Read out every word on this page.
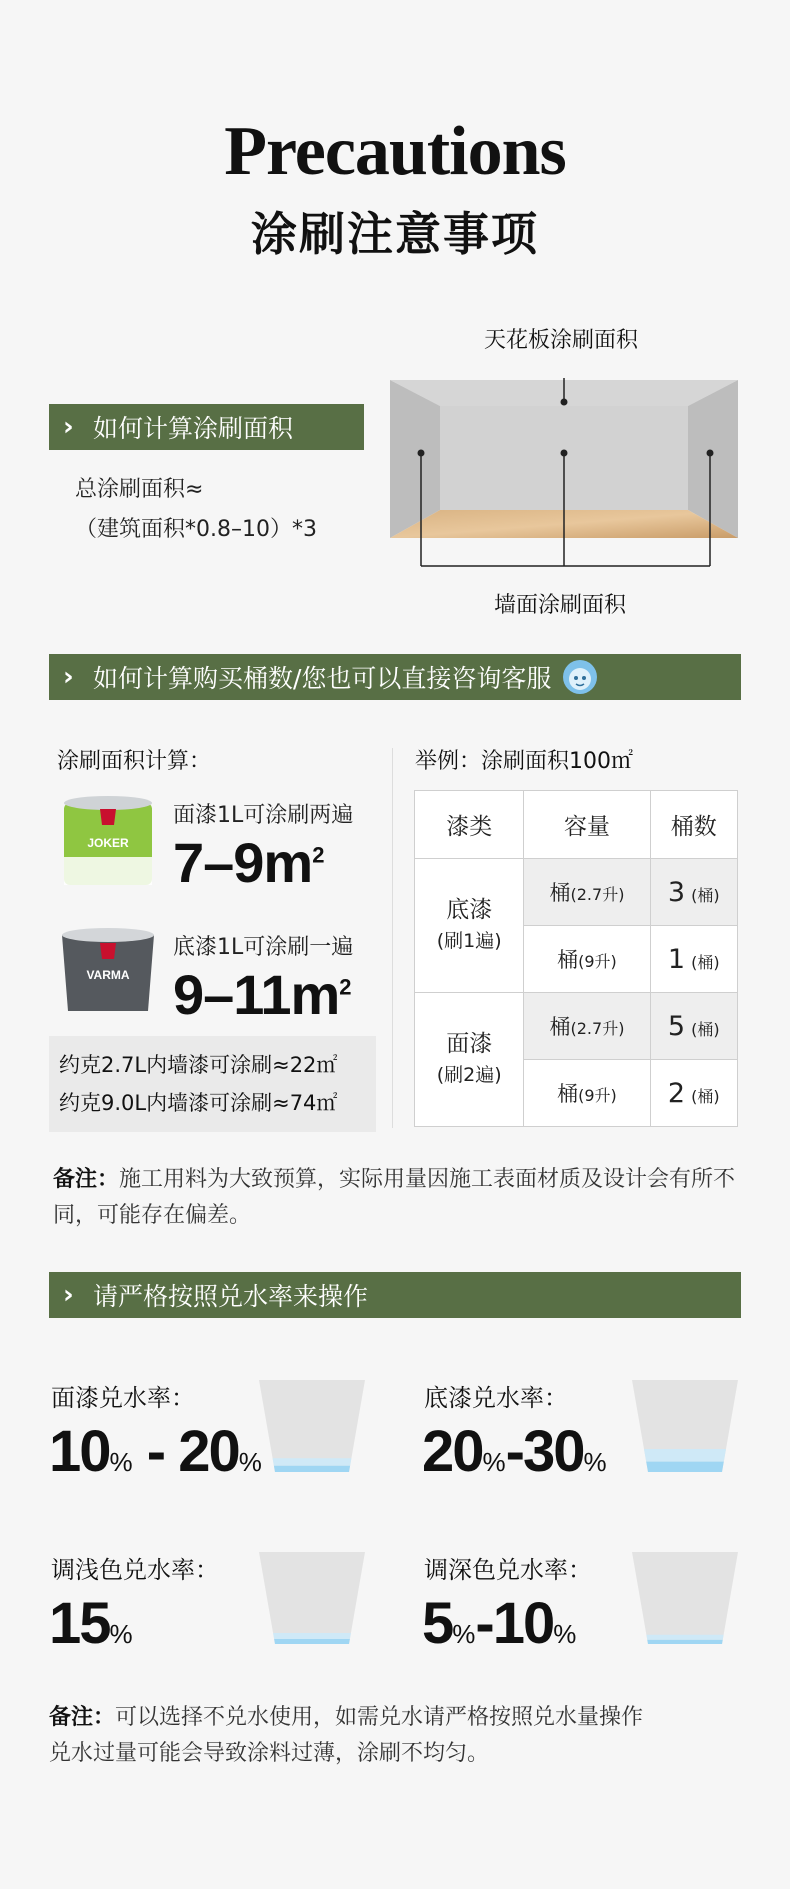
Precautions
涂刷注意事项
› 如何计算涂刷面积
总涂刷面积≈
（建筑面积*0.8–10）*3
天花板涂刷面积
墙面涂刷面积
› 如何计算购买桶数/您也可以直接咨询客服
涂刷面积计算：	举例：涂刷面积100㎡
JOKER
面漆1L可涂刷两遍
$7-9m^2$
VARMA
底漆1L可涂刷一遍
$9-11m^2$
约克2.7L内墙漆可涂刷≈22㎡
约克9.0L内墙漆可涂刷≈74㎡
漆类	容量	桶数
底漆
(刷1遍)	桶(2.7升)	3 (桶)
	桶(9升)	1 (桶)
面漆
(刷2遍)	桶(2.7升)	5 (桶)
	桶(9升)	2 (桶)
备注：施工用料为大致预算，实际用量因施工表面材质及设计会有所不同，可能存在偏差。
› 请严格按照兑水率来操作
面漆兑水率：
10% - 20%
底漆兑水率：
20%-30%
调浅色兑水率：
15%
调深色兑水率：
5%-10%
备注：可以选择不兑水使用，如需兑水请严格按照兑水量操作
兑水过量可能会导致涂料过薄，涂刷不均匀。
